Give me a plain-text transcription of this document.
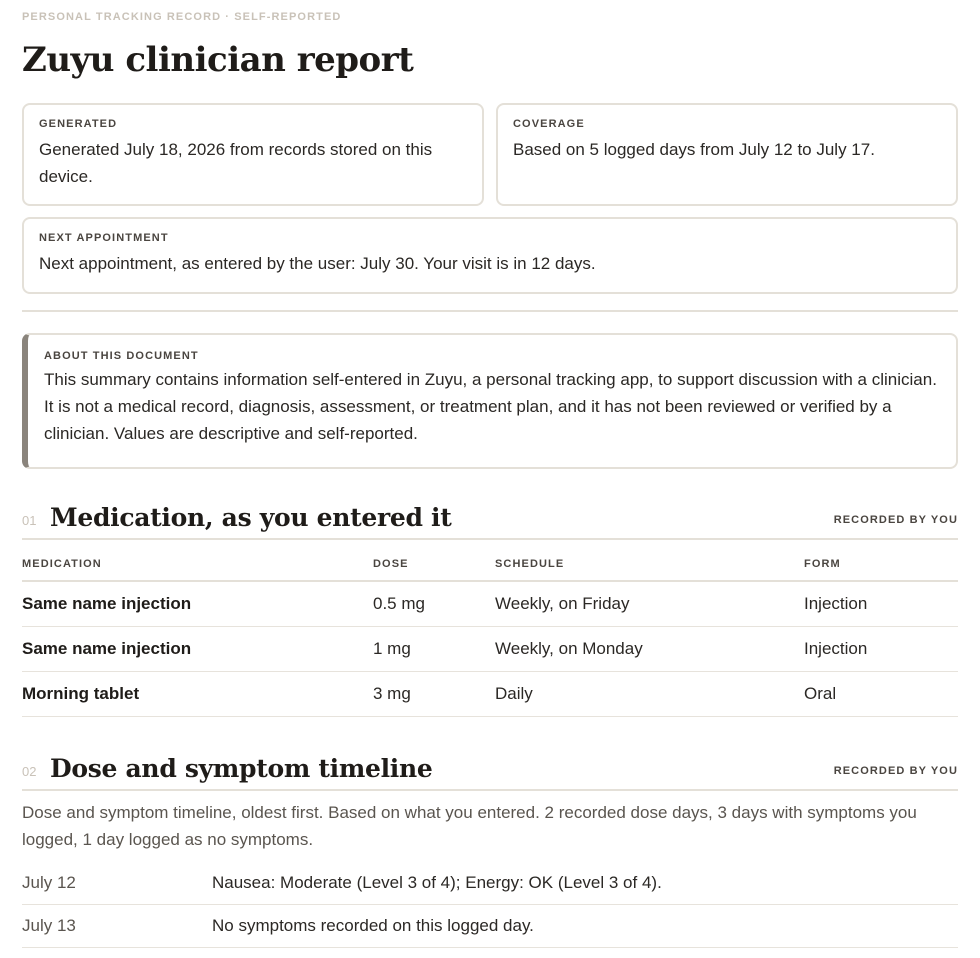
PERSONAL TRACKING RECORD · SELF-REPORTED
Zuyu clinician report
GENERATED
Generated July 18, 2026 from records stored on this device.
COVERAGE
Based on 5 logged days from July 12 to July 17.
NEXT APPOINTMENT
Next appointment, as entered by the user: July 30. Your visit is in 12 days.
ABOUT THIS DOCUMENT
This summary contains information self-entered in Zuyu, a personal tracking app, to support discussion with a clinician. It is not a medical record, diagnosis, assessment, or treatment plan, and it has not been reviewed or verified by a clinician. Values are descriptive and self-reported.
01 Medication, as you entered it	RECORDED BY YOU
MEDICATION	DOSE	SCHEDULE	FORM
Same name injection	0.5 mg	Weekly, on Friday	Injection
Same name injection	1 mg	Weekly, on Monday	Injection
Morning tablet	3 mg	Daily	Oral
02 Dose and symptom timeline	RECORDED BY YOU
Dose and symptom timeline, oldest first. Based on what you entered. 2 recorded dose days, 3 days with symptoms you logged, 1 day logged as no symptoms.
July 12	Nausea: Moderate (Level 3 of 4); Energy: OK (Level 3 of 4).
July 13	No symptoms recorded on this logged day.
